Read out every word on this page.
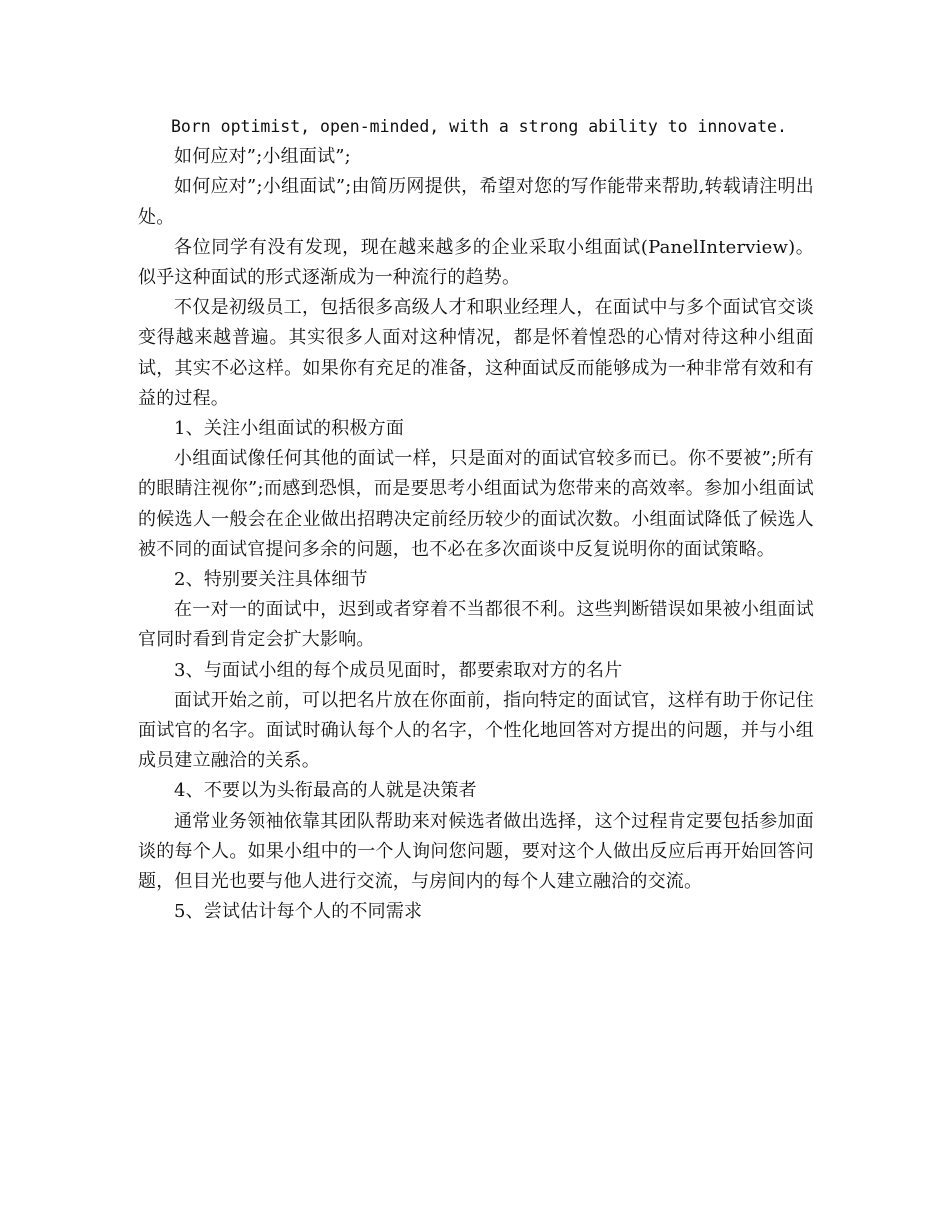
Born optimist, open-minded, with a strong ability to innovate.

如何应对”;小组面试”;

如何应对”;小组面试”;由简历网提供，希望对您的写作能带来帮助,转载请注明出处。

各位同学有没有发现，现在越来越多的企业采取小组面试(PanelInterview)。似乎这种面试的形式逐渐成为一种流行的趋势。

不仅是初级员工，包括很多高级人才和职业经理人，在面试中与多个面试官交谈变得越来越普遍。其实很多人面对这种情况，都是怀着惶恐的心情对待这种小组面试，其实不必这样。如果你有充足的准备，这种面试反而能够成为一种非常有效和有益的过程。

1、关注小组面试的积极方面

小组面试像任何其他的面试一样，只是面对的面试官较多而已。你不要被”;所有的眼睛注视你”;而感到恐惧，而是要思考小组面试为您带来的高效率。参加小组面试的候选人一般会在企业做出招聘决定前经历较少的面试次数。小组面试降低了候选人被不同的面试官提问多余的问题，也不必在多次面谈中反复说明你的面试策略。

2、特别要关注具体细节

在一对一的面试中，迟到或者穿着不当都很不利。这些判断错误如果被小组面试官同时看到肯定会扩大影响。

3、与面试小组的每个成员见面时，都要索取对方的名片

面试开始之前，可以把名片放在你面前，指向特定的面试官，这样有助于你记住面试官的名字。面试时确认每个人的名字，个性化地回答对方提出的问题，并与小组成员建立融洽的关系。

4、不要以为头衔最高的人就是决策者

通常业务领袖依靠其团队帮助来对候选者做出选择，这个过程肯定要包括参加面谈的每个人。如果小组中的一个人询问您问题，要对这个人做出反应后再开始回答问题，但目光也要与他人进行交流，与房间内的每个人建立融洽的交流。

5、尝试估计每个人的不同需求
